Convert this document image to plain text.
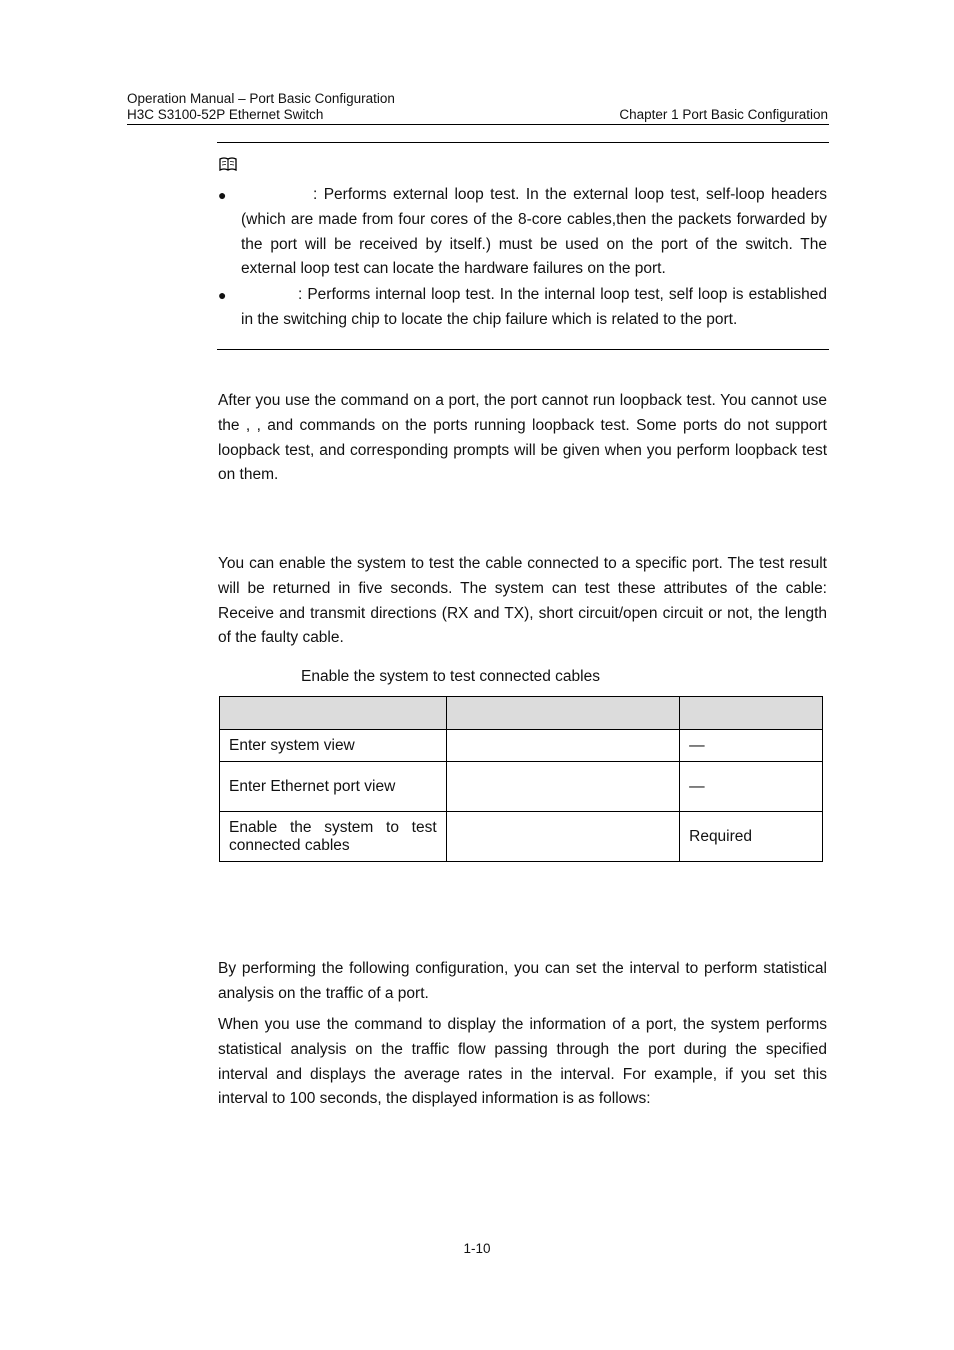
Operation Manual – Port Basic Configuration
H3C S3100-52P Ethernet Switch	Chapter 1 Port Basic Configuration
●	: Performs external loop test. In the external loop test, self-loop headers (which are made from four cores of the 8-core cables,then the packets forwarded by the port will be received by itself.) must be used on the port of the switch. The external loop test can locate the hardware failures on the port.
●	: Performs internal loop test. In the internal loop test, self loop is established in the switching chip to locate the chip failure which is related to the port.
After you use the command on a port, the port cannot run loopback test. You cannot use the , , and commands on the ports running loopback test. Some ports do not support loopback test, and corresponding prompts will be given when you perform loopback test on them.
You can enable the system to test the cable connected to a specific port. The test result will be returned in five seconds. The system can test these attributes of the cable: Receive and transmit directions (RX and TX), short circuit/open circuit or not, the length of the faulty cable.
Enable the system to test connected cables

Enter system view		—
Enter Ethernet port view		—
Enable the system to test connected cables		Required
By performing the following configuration, you can set the interval to perform statistical analysis on the traffic of a port.
When you use the command to display the information of a port, the system performs statistical analysis on the traffic flow passing through the port during the specified interval and displays the average rates in the interval. For example, if you set this interval to 100 seconds, the displayed information is as follows:
1-10
